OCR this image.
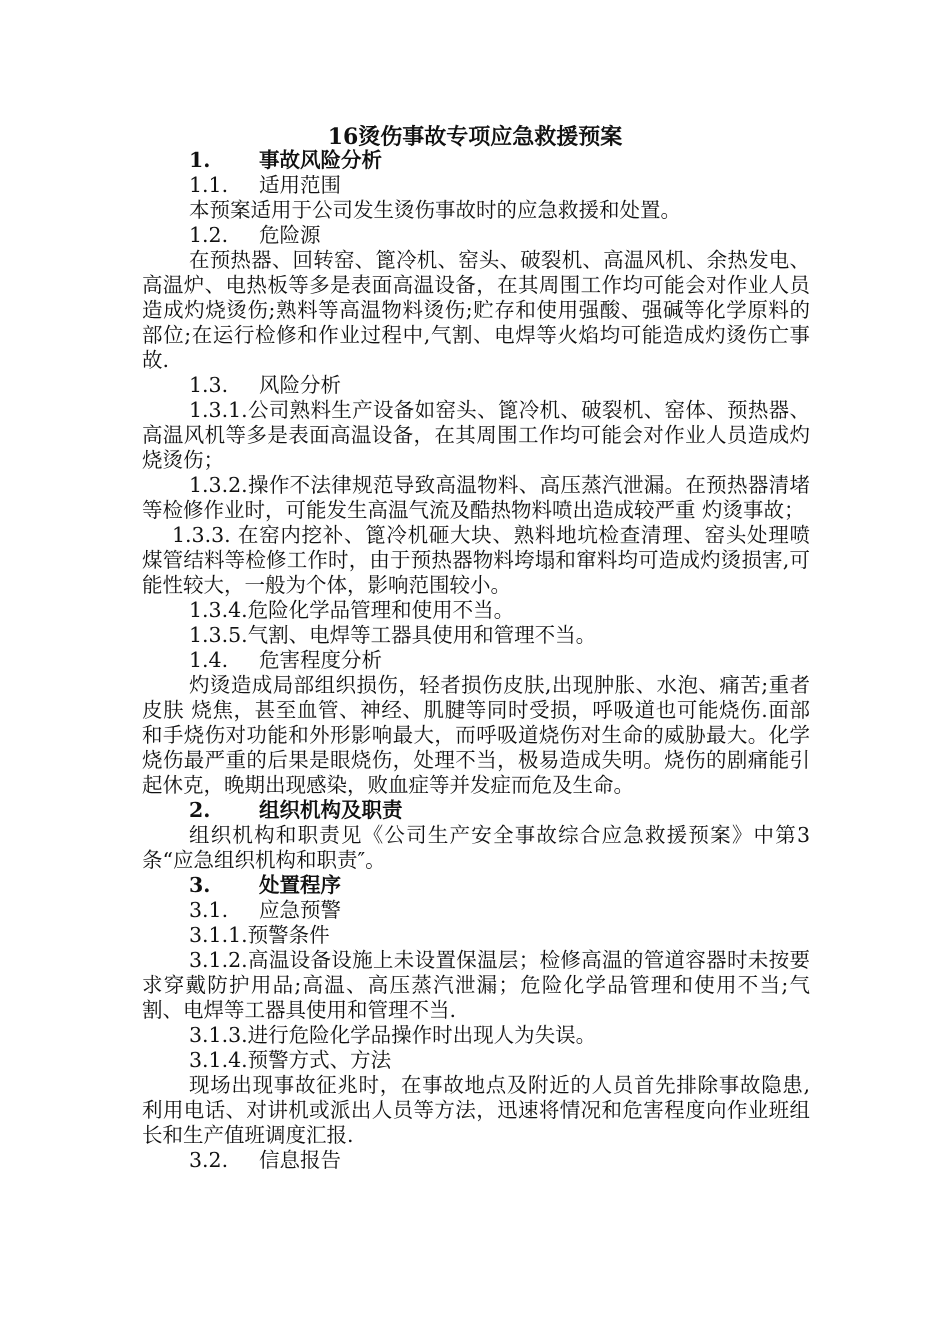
16烫伤事故专项应急救援预案
1. 事故风险分析
1.1. 适用范围
本预案适用于公司发生烫伤事故时的应急救援和处置。
1.2. 危险源
在预热器、回转窑、篦冷机、窑头、破裂机、高温风机、余热发电、高温炉、电热板等多是表面高温设备，在其周围工作均可能会对作业人员造成灼烧烫伤;熟料等高温物料烫伤;贮存和使用强酸、强碱等化学原料的部位;在运行检修和作业过程中,气割、电焊等火焰均可能造成灼烫伤亡事故.
1.3. 风险分析
1.3.1.公司熟料生产设备如窑头、篦冷机、破裂机、窑体、预热器、高温风机等多是表面高温设备，在其周围工作均可能会对作业人员造成灼烧烫伤；
1.3.2.操作不法律规范导致高温物料、高压蒸汽泄漏。在预热器清堵等检修作业时，可能发生高温气流及酷热物料喷出造成较严重 灼烫事故；
1.3.3. 在窑内挖补、篦冷机砸大块、熟料地坑检查清理、窑头处理喷煤管结料等检修工作时，由于预热器物料垮塌和窜料均可造成灼烫损害,可能性较大，一般为个体，影响范围较小。
1.3.4.危险化学品管理和使用不当。
1.3.5.气割、电焊等工器具使用和管理不当。
1.4. 危害程度分析
灼烫造成局部组织损伤，轻者损伤皮肤,出现肿胀、水泡、痛苦;重者皮肤 烧焦，甚至血管、神经、肌腱等同时受损，呼吸道也可能烧伤.面部和手烧伤对功能和外形影响最大，而呼吸道烧伤对生命的威胁最大。化学烧伤最严重的后果是眼烧伤，处理不当，极易造成失明。烧伤的剧痛能引 起休克，晚期出现感染，败血症等并发症而危及生命。
2. 组织机构及职责
组织机构和职责见《公司生产安全事故综合应急救援预案》中第3条“应急组织机构和职责″。
3. 处置程序
3.1. 应急预警
3.1.1.预警条件
3.1.2.高温设备设施上未设置保温层；检修高温的管道容器时未按要求穿戴防护用品;高温、高压蒸汽泄漏；危险化学品管理和使用不当;气割、电焊等工器具使用和管理不当.
3.1.3.进行危险化学品操作时出现人为失误。
3.1.4.预警方式、方法
现场出现事故征兆时，在事故地点及附近的人员首先排除事故隐患,利用电话、对讲机或派出人员等方法，迅速将情况和危害程度向作业班组长和生产值班调度汇报.
3.2. 信息报告
